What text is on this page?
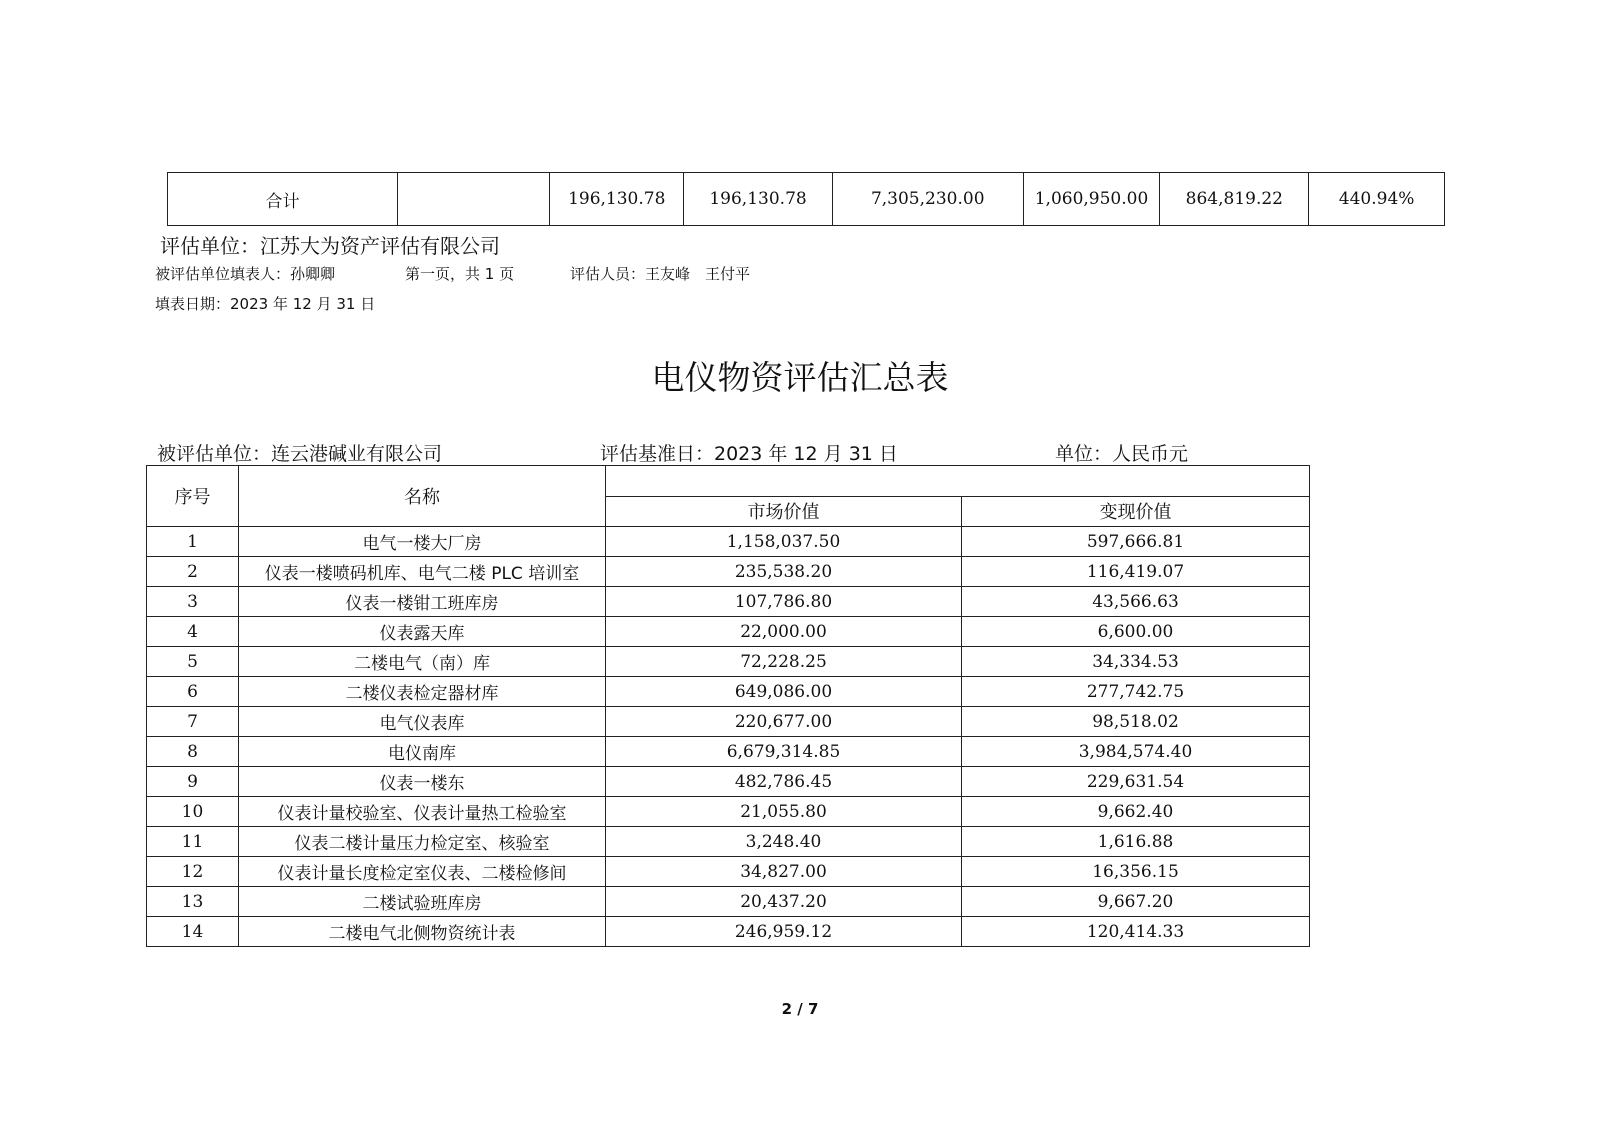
合计		196,130.78	196,130.78	7,305,230.00	1,060,950.00	864,819.22	440.94%
评估单位：江苏大为资产评估有限公司
被评估单位填表人：孙卿卿	第一页，共 1 页	评估人员：王友峰　王付平
填表日期：2023 年 12 月 31 日
电仪物资评估汇总表
被评估单位：连云港碱业有限公司	评估基准日：2023 年 12 月 31 日	单位：人民币元
序号	名称		
		市场价值	变现价值
1	电气一楼大厂房	1,158,037.50	597,666.81
2	仪表一楼喷码机库、电气二楼 PLC 培训室	235,538.20	116,419.07
3	仪表一楼钳工班库房	107,786.80	43,566.63
4	仪表露天库	22,000.00	6,600.00
5	二楼电气（南）库	72,228.25	34,334.53
6	二楼仪表检定器材库	649,086.00	277,742.75
7	电气仪表库	220,677.00	98,518.02
8	电仪南库	6,679,314.85	3,984,574.40
9	仪表一楼东	482,786.45	229,631.54
10	仪表计量校验室、仪表计量热工检验室	21,055.80	9,662.40
11	仪表二楼计量压力检定室、核验室	3,248.40	1,616.88
12	仪表计量长度检定室仪表、二楼检修间	34,827.00	16,356.15
13	二楼试验班库房	20,437.20	9,667.20
14	二楼电气北侧物资统计表	246,959.12	120,414.33
2 / 7
